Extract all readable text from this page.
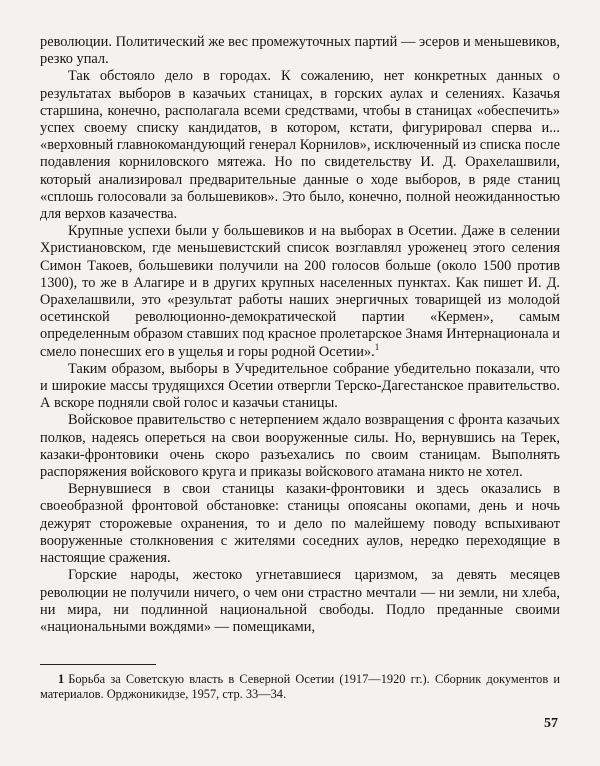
революции. Политический же вес промежуточных партий — эсеров и меньшевиков, резко упал.

Так обстояло дело в городах. К сожалению, нет конкретных данных о результатах выборов в казачьих станицах, в горских аулах и селениях. Казачья старшина, конечно, располагала всеми средствами, чтобы в станицах «обеспечить» успех своему списку кандидатов, в котором, кстати, фигурировал сперва и... «верховный главнокомандующий генерал Корнилов», исключенный из списка после подавления корниловского мятежа. Но по свидетельству И. Д. Орахелашвили, который анализировал предварительные данные о ходе выборов, в ряде станиц «сплошь голосовали за большевиков». Это было, конечно, полной неожиданностью для верхов казачества.

Крупные успехи были у большевиков и на выборах в Осетии. Даже в селении Христиановском, где меньшевистский список возглавлял уроженец этого селения Симон Такоев, большевики получили на 200 голосов больше (около 1500 против 1300), то же в Алагире и в других крупных населенных пунктах. Как пишет И. Д. Орахелашвили, это «результат работы наших энергичных товарищей из молодой осетинской революционно-демократической партии «Кермен», самым определенным образом ставших под красное пролетарское Знамя Интернационала и смело понесших его в ущелья и горы родной Осетии».$^1$

Таким образом, выборы в Учредительное собрание убедительно показали, что и широкие массы трудящихся Осетии отвергли Терско-Дагестанское правительство. А вскоре подняли свой голос и казачьи станицы.

Войсковое правительство с нетерпением ждало возвращения с фронта казачьих полков, надеясь опереться на свои вооруженные силы. Но, вернувшись на Терек, казаки-фронтовики очень скоро разъехались по своим станицам. Выполнять распоряжения войскового круга и приказы войскового атамана никто не хотел.

Вернувшиеся в свои станицы казаки-фронтовики и здесь оказались в своеобразной фронтовой обстановке: станицы опоясаны окопами, день и ночь дежурят сторожевые охранения, то и дело по малейшему поводу вспыхивают вооруженные столкновения с жителями соседних аулов, нередко переходящие в настоящие сражения.

Горские народы, жестоко угнетавшиеся царизмом, за девять месяцев революции не получили ничего, о чем они страстно мечтали — ни земли, ни хлеба, ни мира, ни подлинной национальной свободы. Подло преданные своими «национальными вождями» — помещиками,

1 Борьба за Советскую власть в Северной Осетии (1917—1920 гг.). Сборник документов и материалов. Орджоникидзе, 1957, стр. 33—34.
57
